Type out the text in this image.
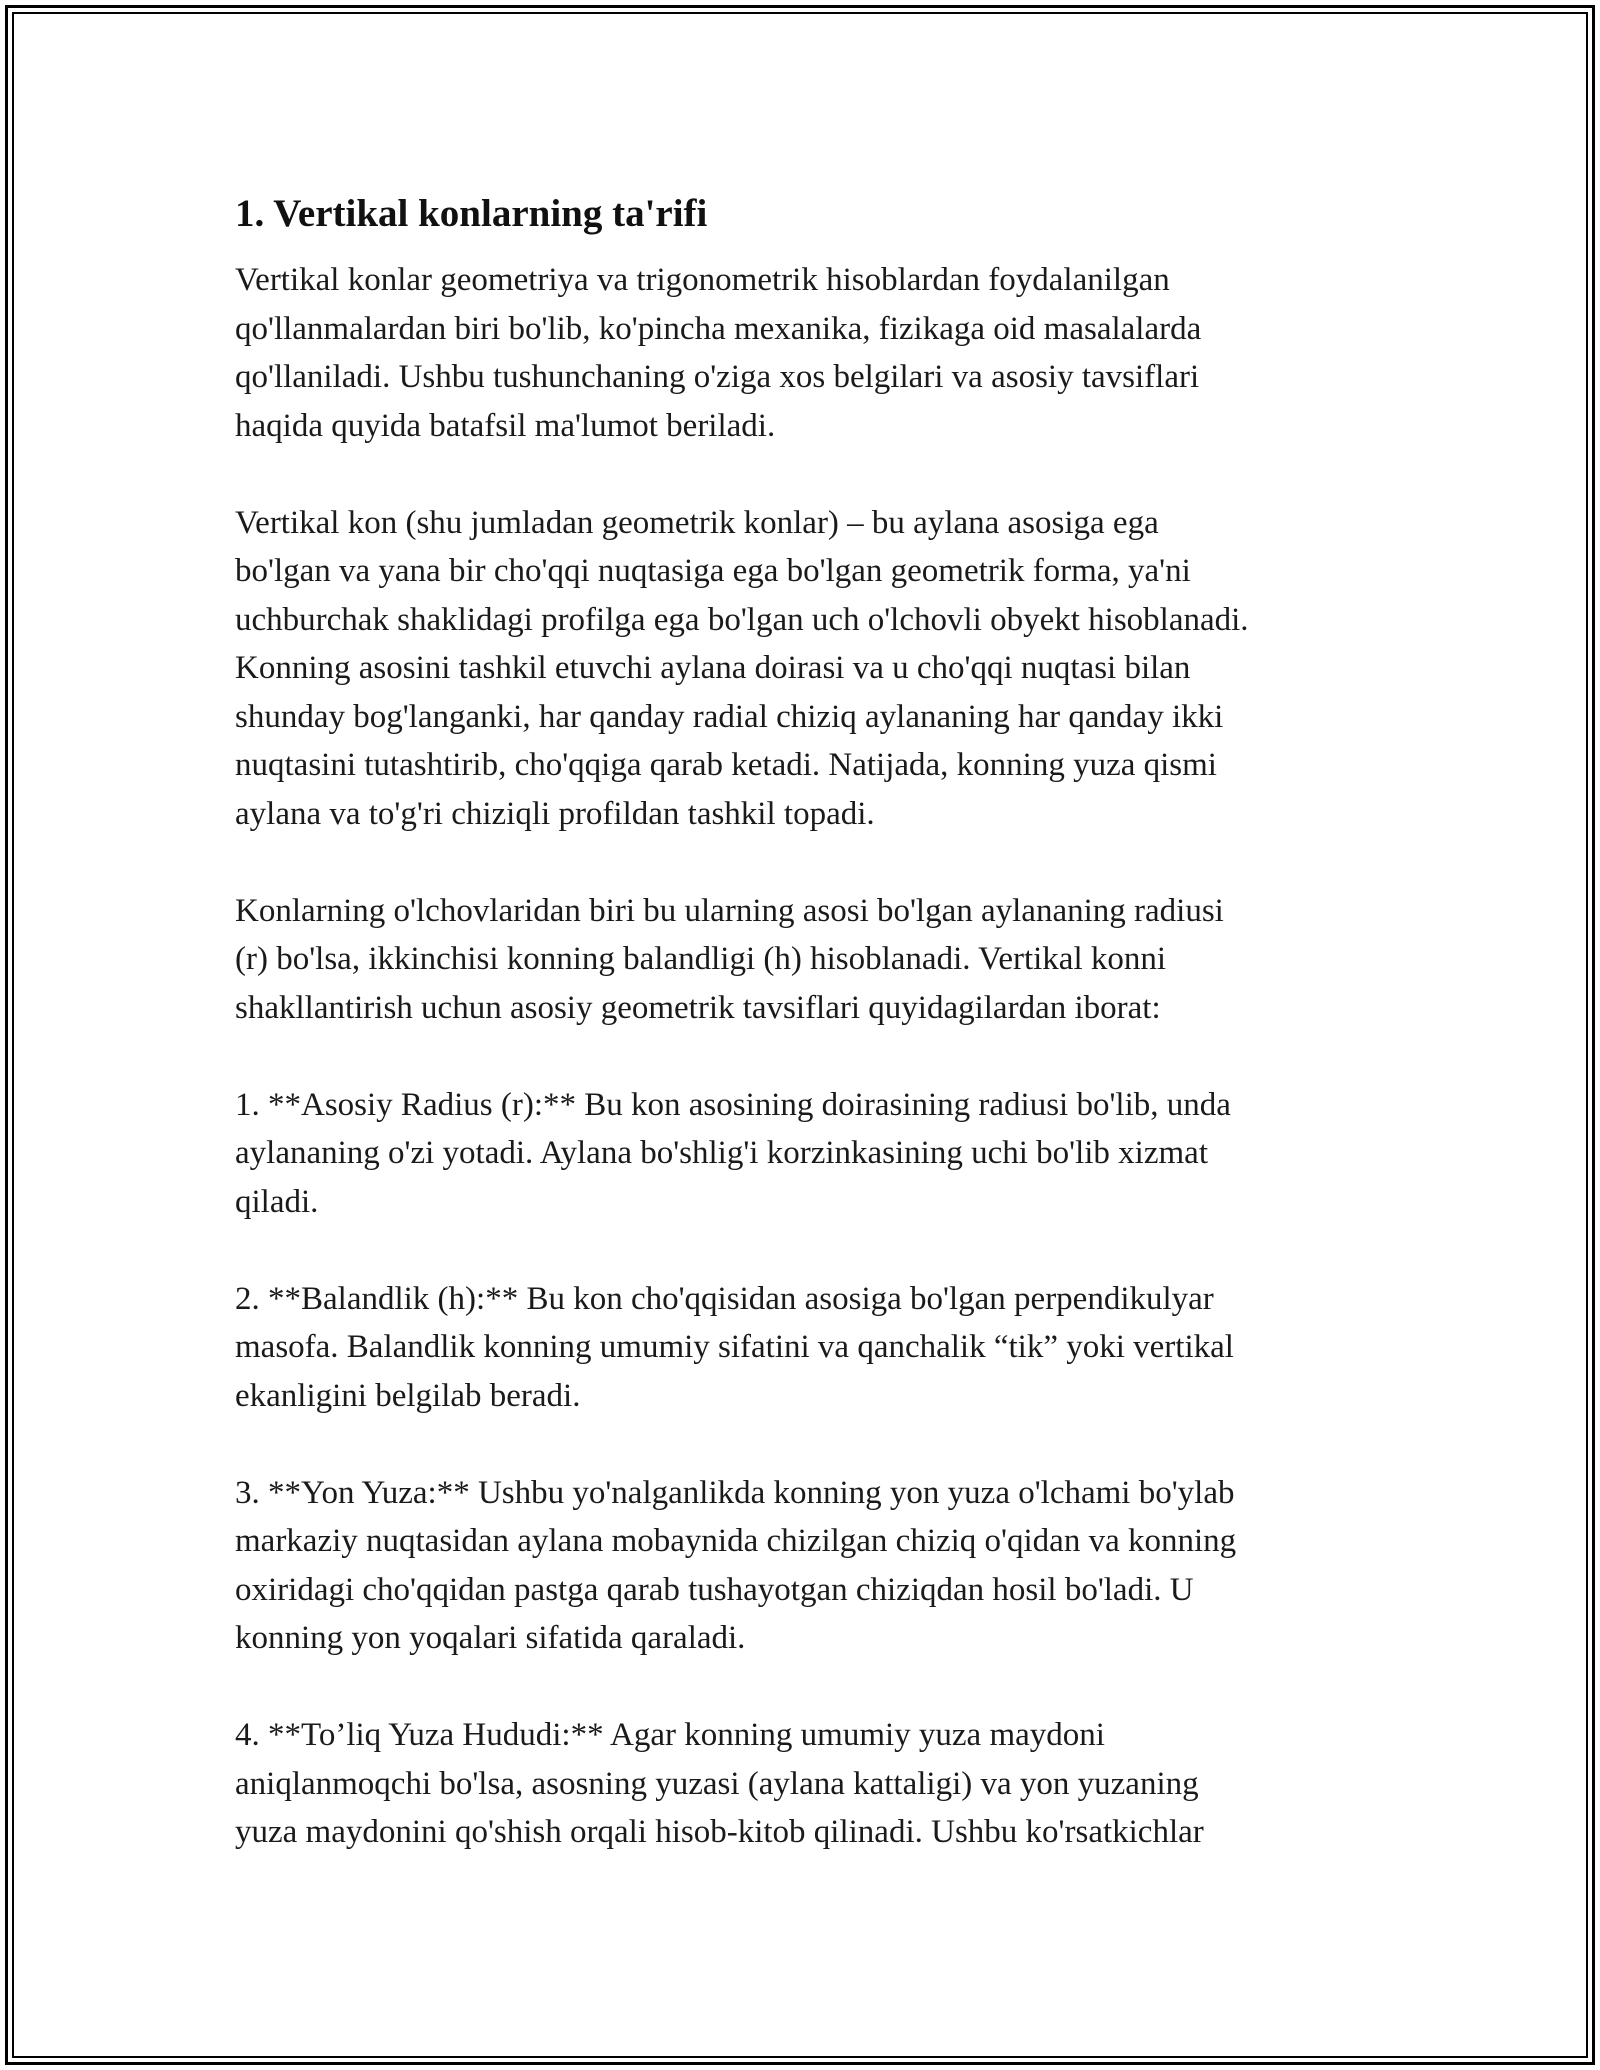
1. Vertikal konlarning ta'rifi

Vertikal konlar geometriya va trigonometrik hisoblardan foydalanilgan
qo'llanmalardan biri bo'lib, ko'pincha mexanika, fizikaga oid masalalarda
qo'llaniladi. Ushbu tushunchaning o'ziga xos belgilari va asosiy tavsiflari
haqida quyida batafsil ma'lumot beriladi.

Vertikal kon (shu jumladan geometrik konlar) – bu aylana asosiga ega
bo'lgan va yana bir cho'qqi nuqtasiga ega bo'lgan geometrik forma, ya'ni
uchburchak shaklidagi profilga ega bo'lgan uch o'lchovli obyekt hisoblanadi.
Konning asosini tashkil etuvchi aylana doirasi va u cho'qqi nuqtasi bilan
shunday bog'langanki, har qanday radial chiziq aylananing har qanday ikki
nuqtasini tutashtirib, cho'qqiga qarab ketadi. Natijada, konning yuza qismi
aylana va to'g'ri chiziqli profildan tashkil topadi.

Konlarning o'lchovlaridan biri bu ularning asosi bo'lgan aylananing radiusi
(r) bo'lsa, ikkinchisi konning balandligi (h) hisoblanadi. Vertikal konni
shakllantirish uchun asosiy geometrik tavsiflari quyidagilardan iborat:

1. **Asosiy Radius (r):** Bu kon asosining doirasining radiusi bo'lib, unda
aylananing o'zi yotadi. Aylana bo'shlig'i korzinkasining uchi bo'lib xizmat
qiladi.

2. **Balandlik (h):** Bu kon cho'qqisidan asosiga bo'lgan perpendikulyar
masofa. Balandlik konning umumiy sifatini va qanchalik “tik” yoki vertikal
ekanligini belgilab beradi.

3. **Yon Yuza:** Ushbu yo'nalganlikda konning yon yuza o'lchami bo'ylab
markaziy nuqtasidan aylana mobaynida chizilgan chiziq o'qidan va konning
oxiridagi cho'qqidan pastga qarab tushayotgan chiziqdan hosil bo'ladi. U
konning yon yoqalari sifatida qaraladi.

4. **To’liq Yuza Hududi:** Agar konning umumiy yuza maydoni
aniqlanmoqchi bo'lsa, asosning yuzasi (aylana kattaligi) va yon yuzaning
yuza maydonini qo'shish orqali hisob-kitob qilinadi. Ushbu ko'rsatkichlar
